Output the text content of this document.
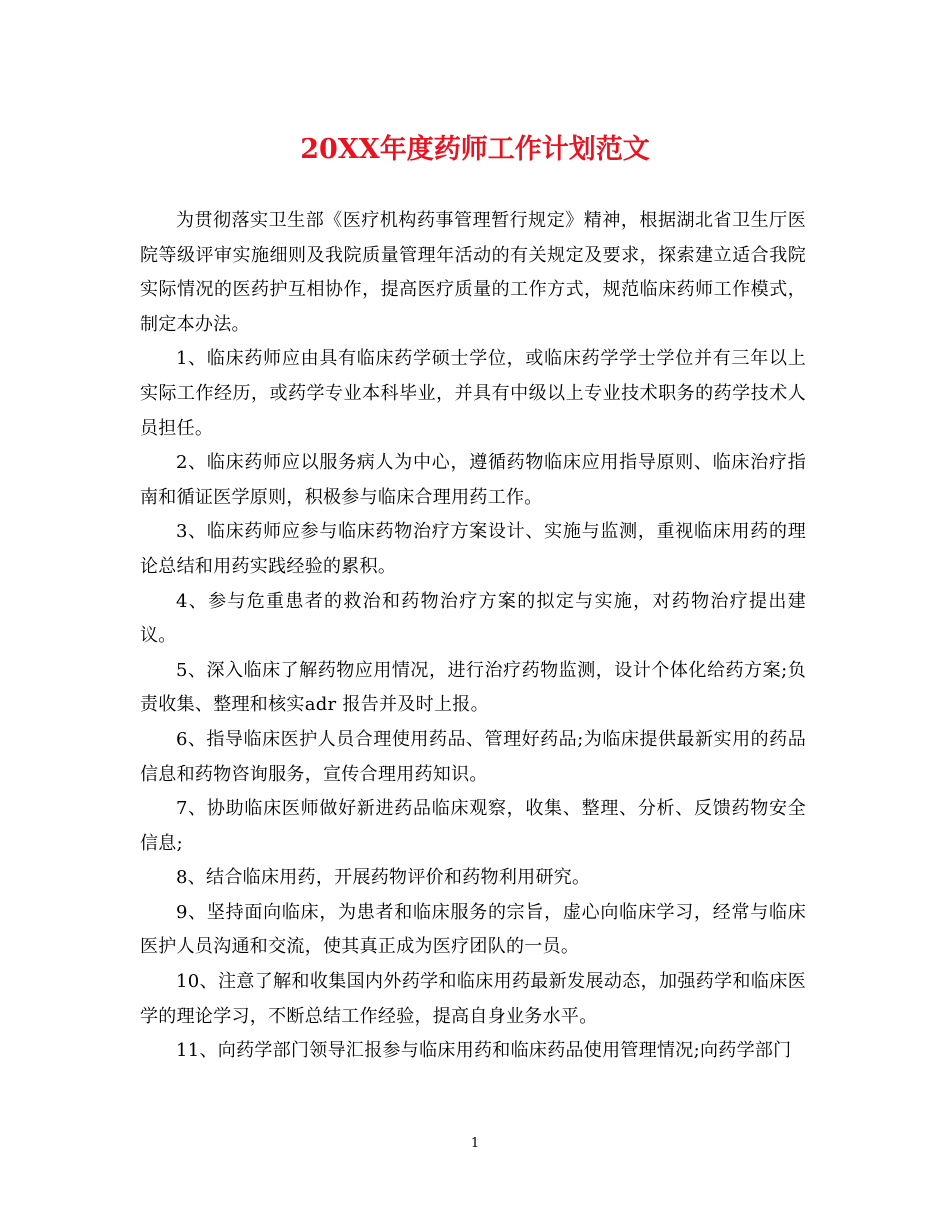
20XX年度药师工作计划范文

为贯彻落实卫生部《医疗机构药事管理暂行规定》精神，根据湖北省卫生厅医院等级评审实施细则及我院质量管理年活动的有关规定及要求，探索建立适合我院实际情况的医药护互相协作，提高医疗质量的工作方式，规范临床药师工作模式，制定本办法。

1、临床药师应由具有临床药学硕士学位，或临床药学学士学位并有三年以上实际工作经历，或药学专业本科毕业，并具有中级以上专业技术职务的药学技术人员担任。

2、临床药师应以服务病人为中心，遵循药物临床应用指导原则、临床治疗指南和循证医学原则，积极参与临床合理用药工作。

3、临床药师应参与临床药物治疗方案设计、实施与监测，重视临床用药的理论总结和用药实践经验的累积。

4、参与危重患者的救治和药物治疗方案的拟定与实施，对药物治疗提出建议。

5、深入临床了解药物应用情况，进行治疗药物监测，设计个体化给药方案;负责收集、整理和核实adr 报告并及时上报。

6、指导临床医护人员合理使用药品、管理好药品;为临床提供最新实用的药品信息和药物咨询服务，宣传合理用药知识。

7、协助临床医师做好新进药品临床观察，收集、整理、分析、反馈药物安全信息;

8、结合临床用药，开展药物评价和药物利用研究。

9、坚持面向临床，为患者和临床服务的宗旨，虚心向临床学习，经常与临床医护人员沟通和交流，使其真正成为医疗团队的一员。

10、注意了解和收集国内外药学和临床用药最新发展动态，加强药学和临床医学的理论学习，不断总结工作经验，提高自身业务水平。

11、向药学部门领导汇报参与临床用药和临床药品使用管理情况;向药学部门

1
